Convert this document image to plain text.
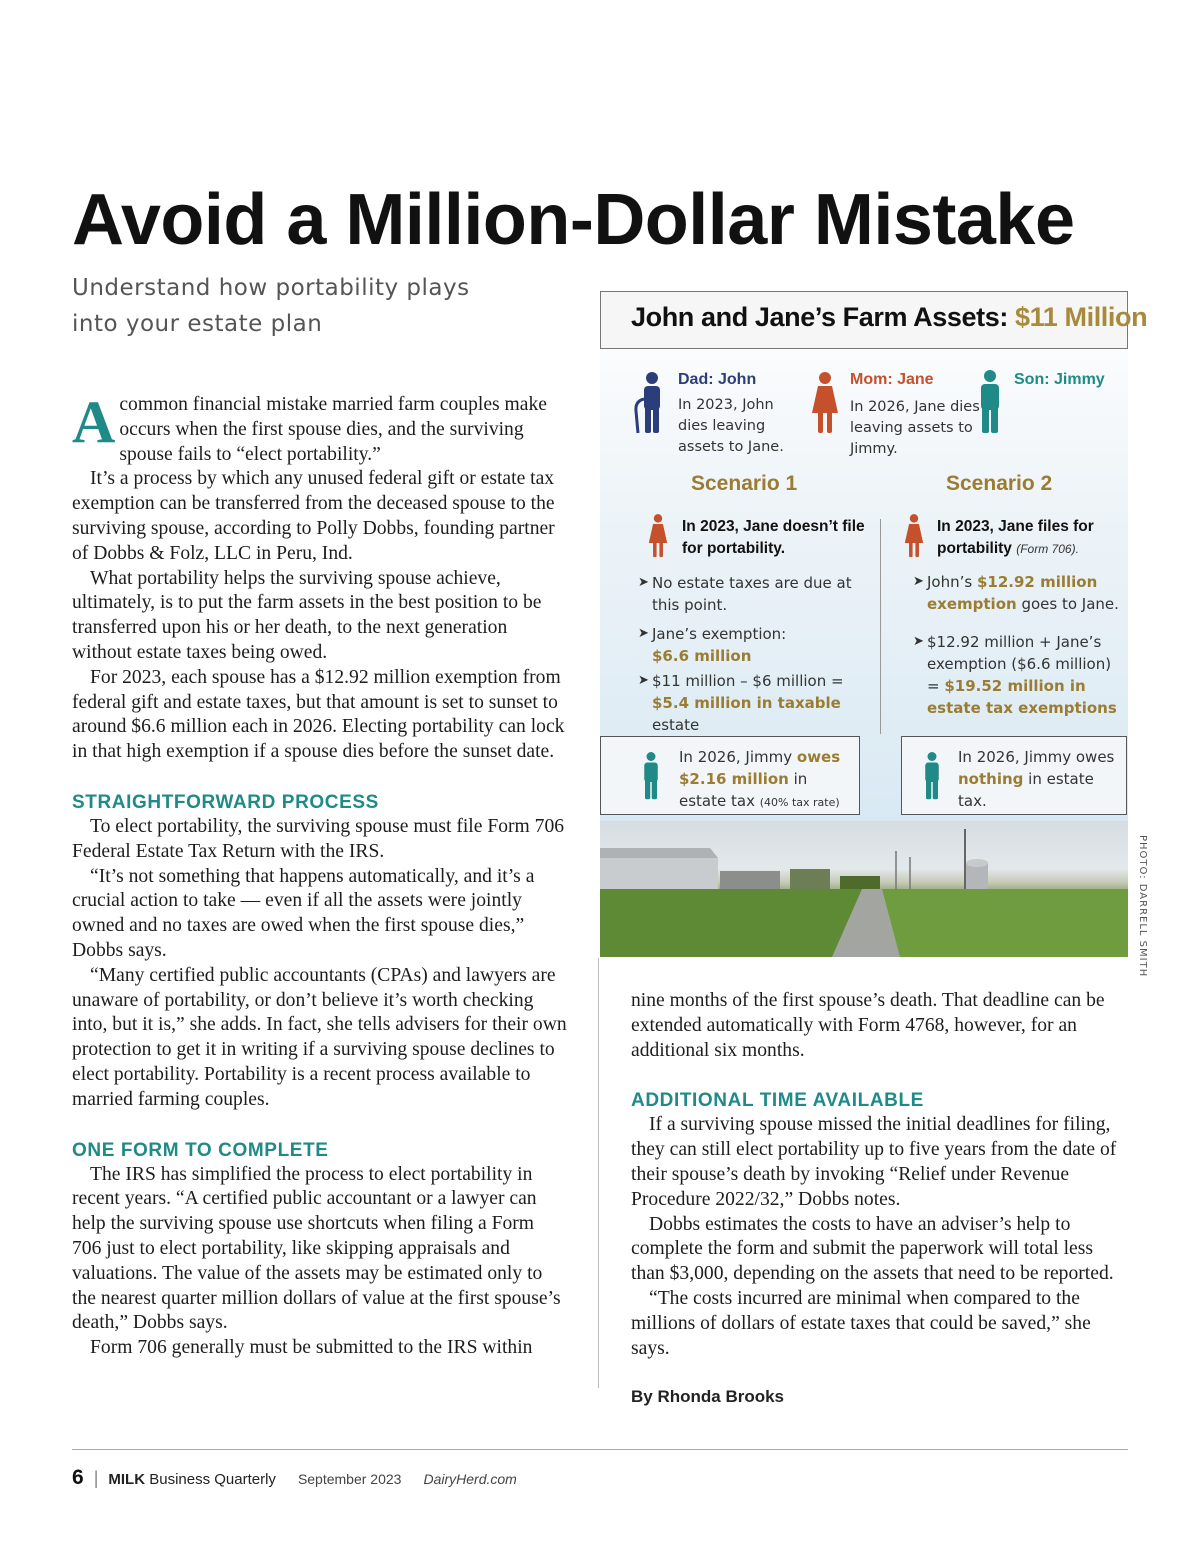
Avoid a Million-Dollar Mistake
Understand how portability plays into your estate plan

Acommon financial mistake married farm couples make occurs when the first spouse dies, and the surviving spouse fails to “elect portability.”

It’s a process by which any unused federal gift or estate tax exemption can be transferred from the deceased spouse to the surviving spouse, according to Polly Dobbs, founding partner of Dobbs & Folz, LLC in Peru, Ind.

What portability helps the surviving spouse achieve, ultimately, is to put the farm assets in the best position to be transferred upon his or her death, to the next generation without estate taxes being owed.

For 2023, each spouse has a $12.92 million exemption from federal gift and estate taxes, but that amount is set to sunset to around $6.6 million each in 2026. Electing portability can lock in that high exemption if a spouse dies before the sunset date.

STRAIGHTFORWARD PROCESS

To elect portability, the surviving spouse must file Form 706 Federal Estate Tax Return with the IRS.

“It’s not something that happens automatically, and it’s a crucial action to take — even if all the assets were jointly owned and no taxes are owed when the first spouse dies,” Dobbs says.

“Many certified public accountants (CPAs) and lawyers are unaware of portability, or don’t believe it’s worth checking into, but it is,” she adds. In fact, she tells advisers for their own protection to get it in writing if a surviving spouse declines to elect portability. Portability is a recent process available to married farming couples.

ONE FORM TO COMPLETE

The IRS has simplified the process to elect portability in recent years. “A certified public accountant or a lawyer can help the surviving spouse use shortcuts when filing a Form 706 just to elect portability, like skipping appraisals and valuations. The value of the assets may be estimated only to the nearest quarter million dollars of value at the first spouse’s death,” Dobbs says.

Form 706 generally must be submitted to the IRS within

nine months of the first spouse’s death. That deadline can be extended automatically with Form 4768, however, for an additional six months.

ADDITIONAL TIME AVAILABLE

If a surviving spouse missed the initial deadlines for filing, they can still elect portability up to five years from the date of their spouse’s death by invoking “Relief under Revenue Procedure 2022/32,” Dobbs notes.

Dobbs estimates the costs to have an adviser’s help to complete the form and submit the paperwork will total less than $3,000, depending on the assets that need to be reported.

“The costs incurred are minimal when compared to the millions of dollars of estate taxes that could be saved,” she says.

By Rhonda Brooks
John and Jane’s Farm Assets: $11 Million
Dad: John
In 2023, John dies leaving assets to Jane.
Mom: Jane
In 2026, Jane dies leaving assets to Jimmy.
Son: Jimmy
Scenario 1	Scenario 2
In 2023, Jane doesn’t file for portability.
➤ No estate taxes are due at this point.
➤ Jane’s exemption:
$6.6 million
➤ $11 million – $6 million =
$5.4 million in taxable estate
In 2023, Jane files for portability (Form 706).
➤ John’s $12.92 million exemption goes to Jane.
➤ $12.92 million + Jane’s exemption ($6.6 million) = $19.52 million in estate tax exemptions
In 2026, Jimmy owes
$2.16 million in estate tax (40% tax rate)
In 2026, Jimmy owes nothing in estate tax.
PHOTO: DARRELL SMITH
6 | MILK Business Quarterly September 2023 DairyHerd.com
